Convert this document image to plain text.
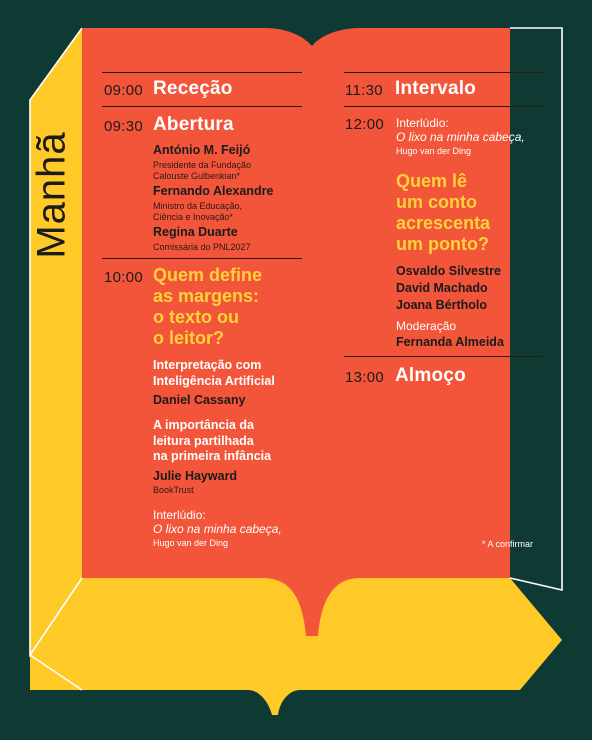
Manhã
09:00 Receção
09:30 Abertura
António M. Feijó
Presidente da Fundação
Calouste Gulbenkian*
Fernando Alexandre
Ministro da Educação,
Ciência e Inovação*
Regina Duarte
Comissária do PNL2027
10:00 Quem define
as margens:
o texto ou
o leitor?
Interpretação com
Inteligência Artificial
Daniel Cassany
A importância da
leitura partilhada
na primeira infância
Julie Hayward
BookTrust
Interlúdio:
O lixo na minha cabeça,
Hugo van der Ding
11:30 Intervalo
12:00 Interlúdio:
O lixo na minha cabeça,
Hugo van der Ding
Quem lê
um conto
acrescenta
um ponto?
Osvaldo Silvestre
David Machado
Joana Bértholo
Moderação
Fernanda Almeida
13:00 Almoço
* A confirmar
